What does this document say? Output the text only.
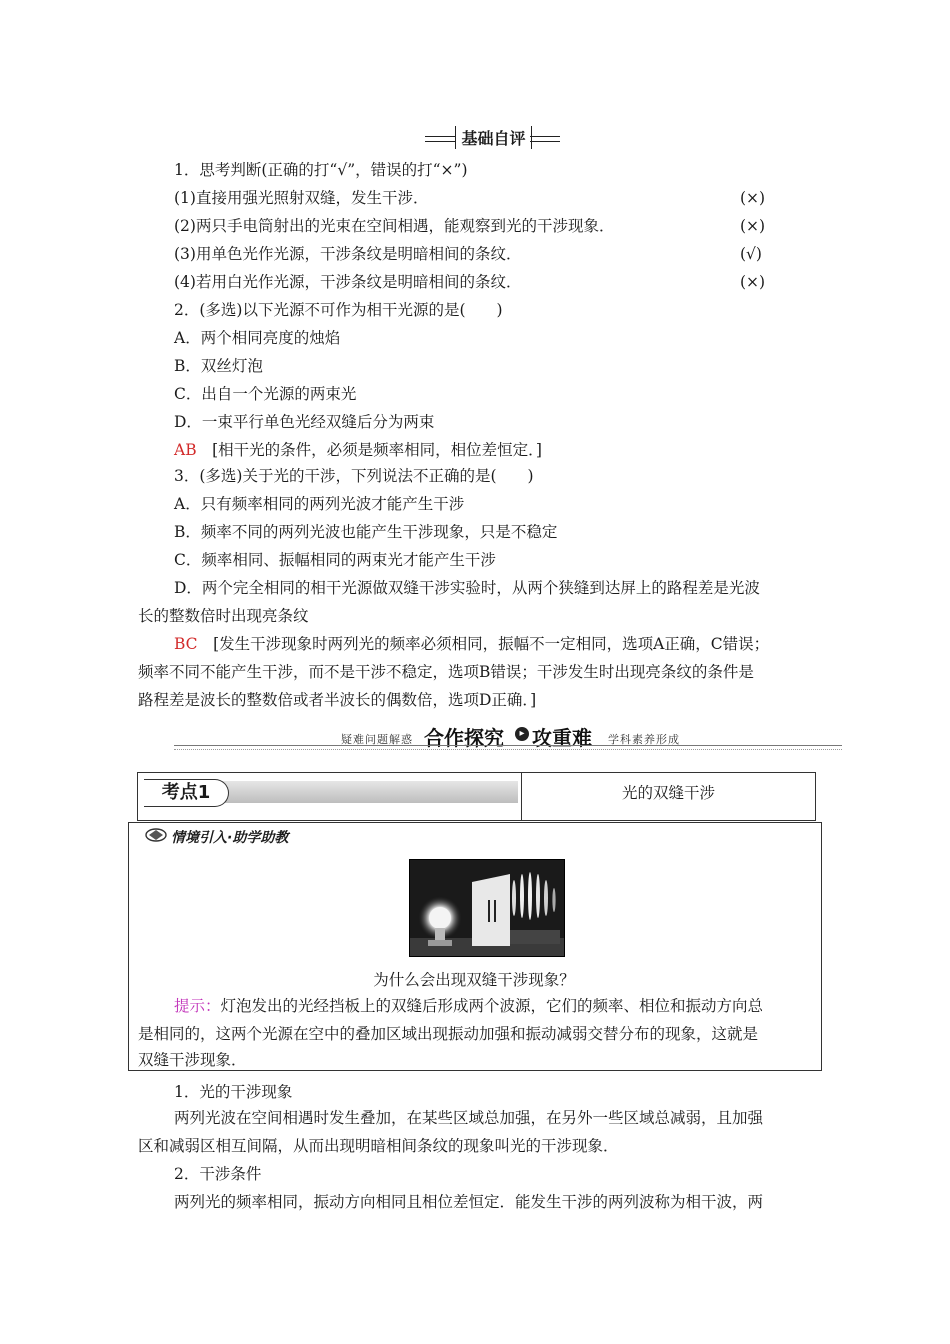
基础自评
1．思考判断(正确的打“√”，错误的打“×”)
(1)直接用强光照射双缝，发生干涉．	(×)
(2)两只手电筒射出的光束在空间相遇，能观察到光的干涉现象．	(×)
(3)用单色光作光源，干涉条纹是明暗相间的条纹．	(√)
(4)若用白光作光源，干涉条纹是明暗相间的条纹．	(×)
2．(多选)以下光源不可作为相干光源的是(　　)
A．两个相同亮度的烛焰
B．双丝灯泡
C．出自一个光源的两束光
D．一束平行单色光经双缝后分为两束
AB　 [相干光的条件，必须是频率相同，相位差恒定．]
3．(多选)关于光的干涉，下列说法不正确的是(　　)
A．只有频率相同的两列光波才能产生干涉
B．频率不同的两列光波也能产生干涉现象，只是不稳定
C．频率相同、振幅相同的两束光才能产生干涉
D．两个完全相同的相干光源做双缝干涉实验时，从两个狭缝到达屏上的路程差是光波
长的整数倍时出现亮条纹
BC　 [发生干涉现象时两列光的频率必须相同，振幅不一定相同，选项A正确，C错误；
频率不同不能产生干涉，而不是干涉不稳定，选项B错误；干涉发生时出现亮条纹的条件是
路程差是波长的整数倍或者半波长的偶数倍，选项D正确．]
疑难问题解惑 合作探究	▸ 攻重难 学科素养形成
考点1	光的双缝干涉
情境引入·助学助教
为什么会出现双缝干涉现象？
提示：灯泡发出的光经挡板上的双缝后形成两个波源，它们的频率、相位和振动方向总
是相同的，这两个光源在空中的叠加区域出现振动加强和振动减弱交替分布的现象，这就是
双缝干涉现象．
1．光的干涉现象
两列光波在空间相遇时发生叠加，在某些区域总加强，在另外一些区域总减弱，且加强
区和减弱区相互间隔，从而出现明暗相间条纹的现象叫光的干涉现象．
2．干涉条件
两列光的频率相同，振动方向相同且相位差恒定．能发生干涉的两列波称为相干波，两
